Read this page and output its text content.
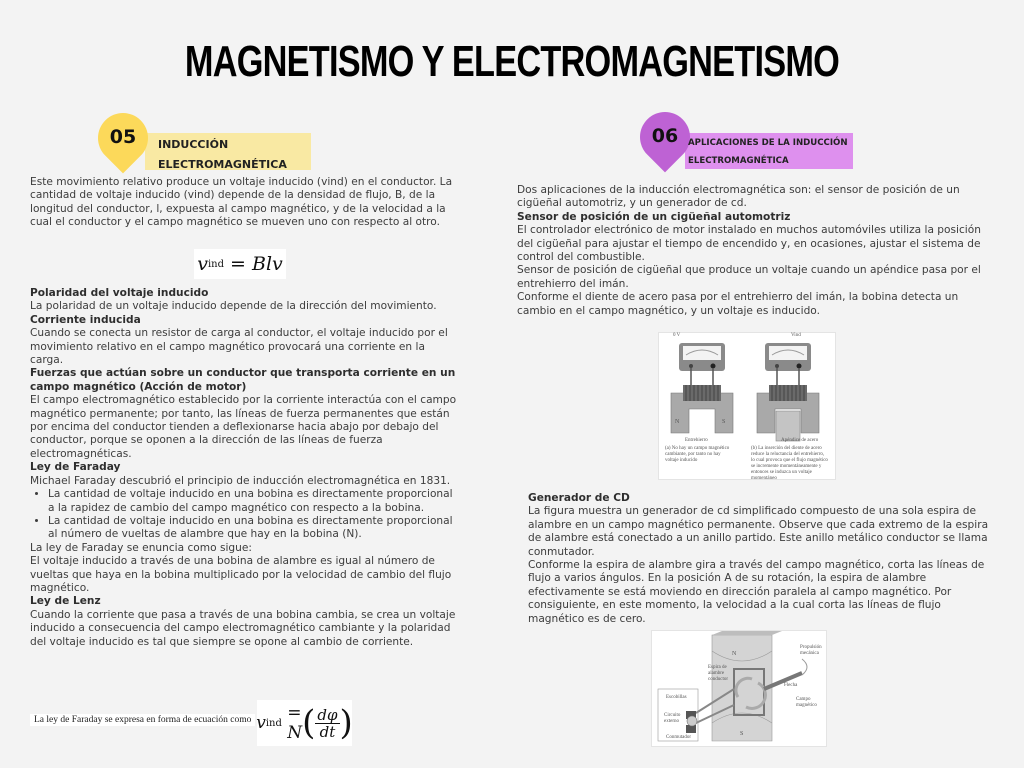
MAGNETISMO Y ELECTROMAGNETISMO
05	INDUCCIÓN
ELECTROMAGNÉTICA

Este movimiento relativo produce un voltaje inducido (vind) en el conductor. La cantidad de voltaje inducido (vind) depende de la densidad de flujo, B, de la longitud del conductor, l, expuesta al campo magnético, y de la velocidad a la cual el conductor y el campo magnético se mueven uno con respecto al otro.

v ind
= Blv

Polaridad del voltaje inducido

La polaridad de un voltaje inducido depende de la dirección del movimiento.

Corriente inducida

Cuando se conecta un resistor de carga al conductor, el voltaje inducido por el movimiento relativo en el campo magnético provocará una corriente en la carga.

Fuerzas que actúan sobre un conductor que transporta corriente en un campo magnético (Acción de motor)

El campo electromagnético establecido por la corriente interactúa con el campo magnético permanente; por tanto, las líneas de fuerza permanentes que están por encima del conductor tienden a deflexionarse hacia abajo por debajo del conductor, porque se oponen a la dirección de las líneas de fuerza electromagnéticas.

Ley de Faraday

Michael Faraday descubrió el principio de inducción electromagnética en 1831.

• La cantidad de voltaje inducido en una bobina es directamente proporcional a la rapidez de cambio del campo magnético con respecto a la bobina.
• La cantidad de voltaje inducido en una bobina es directamente proporcional al número de vueltas de alambre que hay en la bobina (N).

La ley de Faraday se enuncia como sigue:

El voltaje inducido a través de una bobina de alambre es igual al número de vueltas que haya en la bobina multiplicado por la velocidad de cambio del flujo magnético.

Ley de Lenz

Cuando la corriente que pasa a través de una bobina cambia, se crea un voltaje inducido a consecuencia del campo electromagnético cambiante y la polaridad del voltaje inducido es tal que siempre se opone al cambio de corriente.

La ley de Faraday se expresa en forma de ecuación como v ind
= N ( $\frac{d\varphi}{dt}$ )
06	APLICACIONES DE LA INDUCCIÓN
ELECTROMAGNÉTICA

Dos aplicaciones de la inducción electromagnética son: el sensor de posición de un cigüeñal automotriz, y un generador de cd.

Sensor de posición de un cigüeñal automotriz

El controlador electrónico de motor instalado en muchos automóviles utiliza la posición del cigüeñal para ajustar el tiempo de encendido y, en ocasiones, ajustar el sistema de control del combustible.

Sensor de posición de cigüeñal que produce un voltaje cuando un apéndice pasa por el entrehierro del imán.

Conforme el diente de acero pasa por el entrehierro del imán, la bobina detecta un cambio en el campo magnético, y un voltaje es inducido.

0 V	Vind
N	S
Entrehierro	Apéndice de acero
(a) No hay un campo magnético cambiante, por tanto no hay voltaje inducido
(b) La inserción del diente de acero reduce la reluctancia del entrehierro, lo cual provoca que el flujo magnético se incremente momentáneamente y entonces se induzca un voltaje momentáneo

Generador de CD

La figura muestra un generador de cd simplificado compuesto de una sola espira de alambre en un campo magnético permanente. Observe que cada extremo de la espira de alambre está conectado a un anillo partido. Este anillo metálico conductor se llama conmutador.

Conforme la espira de alambre gira a través del campo magnético, corta las líneas de flujo a varios ángulos. En la posición A de su rotación, la espira de alambre efectivamente se está moviendo en dirección paralela al campo magnético. Por consiguiente, en este momento, la velocidad a la cual corta las líneas de flujo magnético es de cero.

N
S
Espira de alambre conductor
Propulsión mecánica
Flecha
Campo magnético
Escobillas
Circuito externo
Conmutador
